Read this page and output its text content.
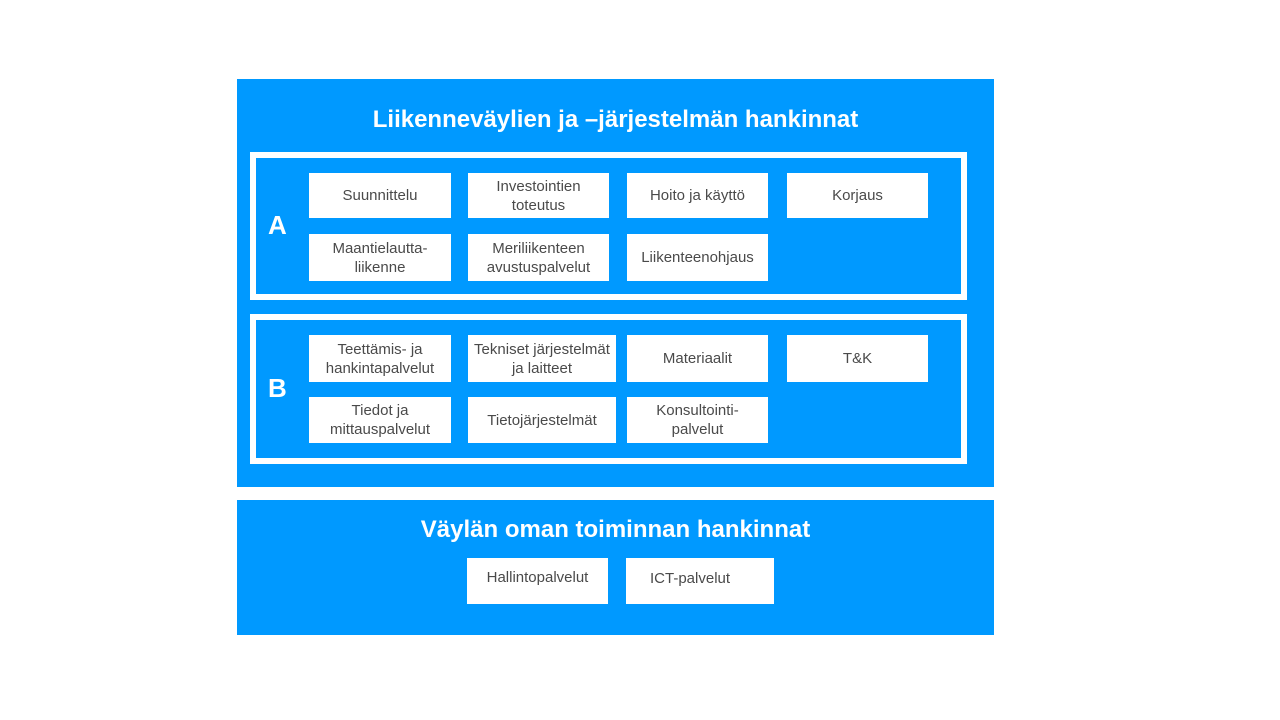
Liikenneväylien ja –järjestelmän hankinnat
A
Suunnittelu
Investointien
toteutus
Hoito ja käyttö	Korjaus
Maantielautta-
liikenne
Meriliikenteen
avustuspalvelut
Liikenteenohjaus
B
Teettämis- ja
hankintapalvelut
Tekniset järjestelmät
ja laitteet
Materiaalit	T&K
Tiedot ja
mittauspalvelut
Tietojärjestelmät
Konsultointi-
palvelut
Väylän oman toiminnan hankinnat
Hallintopalvelut	ICT-palvelut
